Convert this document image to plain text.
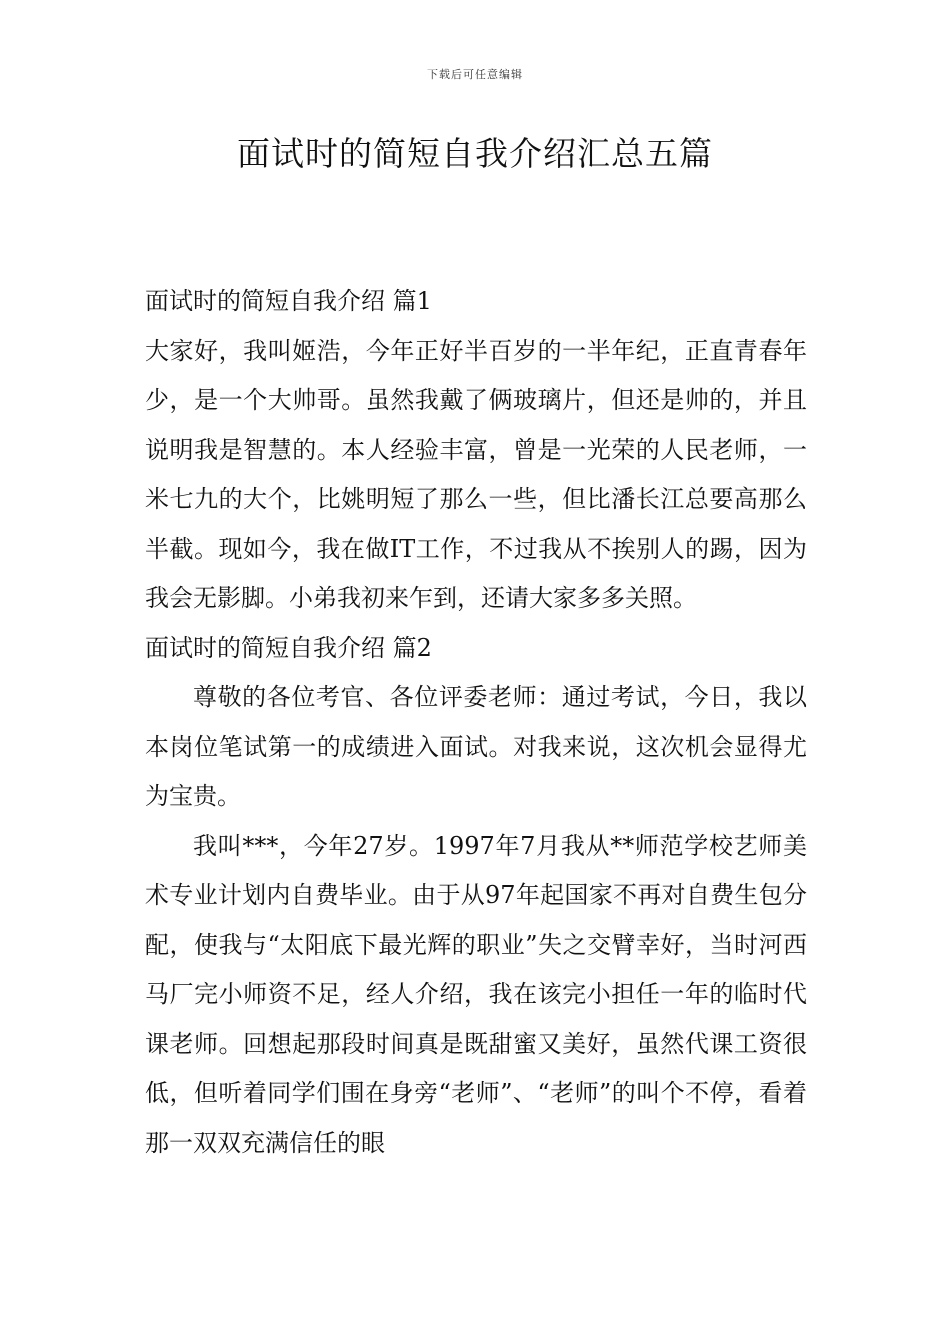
下载后可任意编辑
面试时的简短自我介绍汇总五篇
面试时的简短自我介绍 篇1

大家好，我叫姬浩，今年正好半百岁的一半年纪，正直青春年少，是一个大帅哥。虽然我戴了俩玻璃片，但还是帅的，并且说明我是智慧的。本人经验丰富，曾是一光荣的人民老师，一米七九的大个，比姚明短了那么一些，但比潘长江总要高那么半截。现如今，我在做IT工作，不过我从不挨别人的踢，因为我会无影脚。小弟我初来乍到，还请大家多多关照。

面试时的简短自我介绍 篇2

尊敬的各位考官、各位评委老师：通过考试，今日，我以本岗位笔试第一的成绩进入面试。对我来说，这次机会显得尤为宝贵。

我叫***，今年27岁。1997年7月我从**师范学校艺师美术专业计划内自费毕业。由于从97年起国家不再对自费生包分配，使我与“太阳底下最光辉的职业”失之交臂幸好，当时河西马厂完小师资不足，经人介绍，我在该完小担任一年的临时代课老师。回想起那段时间真是既甜蜜又美好，虽然代课工资很低，但听着同学们围在身旁“老师”、“老师”的叫个不停，看着那一双双充满信任的眼
